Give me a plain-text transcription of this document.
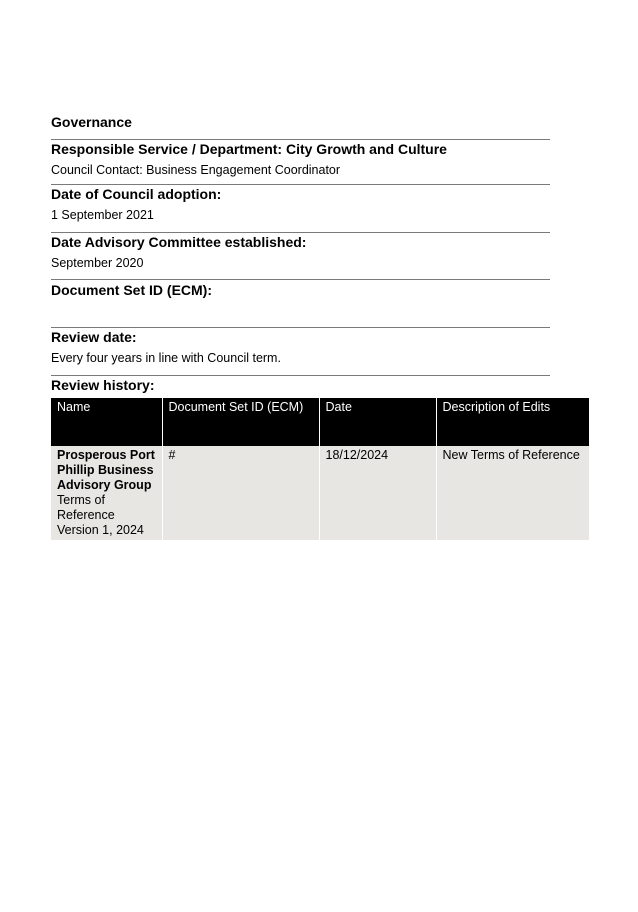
Governance
Responsible Service / Department: City Growth and Culture
Council Contact: Business Engagement Coordinator
Date of Council adoption:
1 September 2021
Date Advisory Committee established:
September 2020
Document Set ID (ECM):
Review date:
Every four years in line with Council term.
Review history:
Name	Document Set ID (ECM)	Date	Description of Edits

Prosperous Port
Phillip Business
Advisory Group
Terms of Reference
Version 1, 2024	#	18/12/2024	New Terms of Reference
